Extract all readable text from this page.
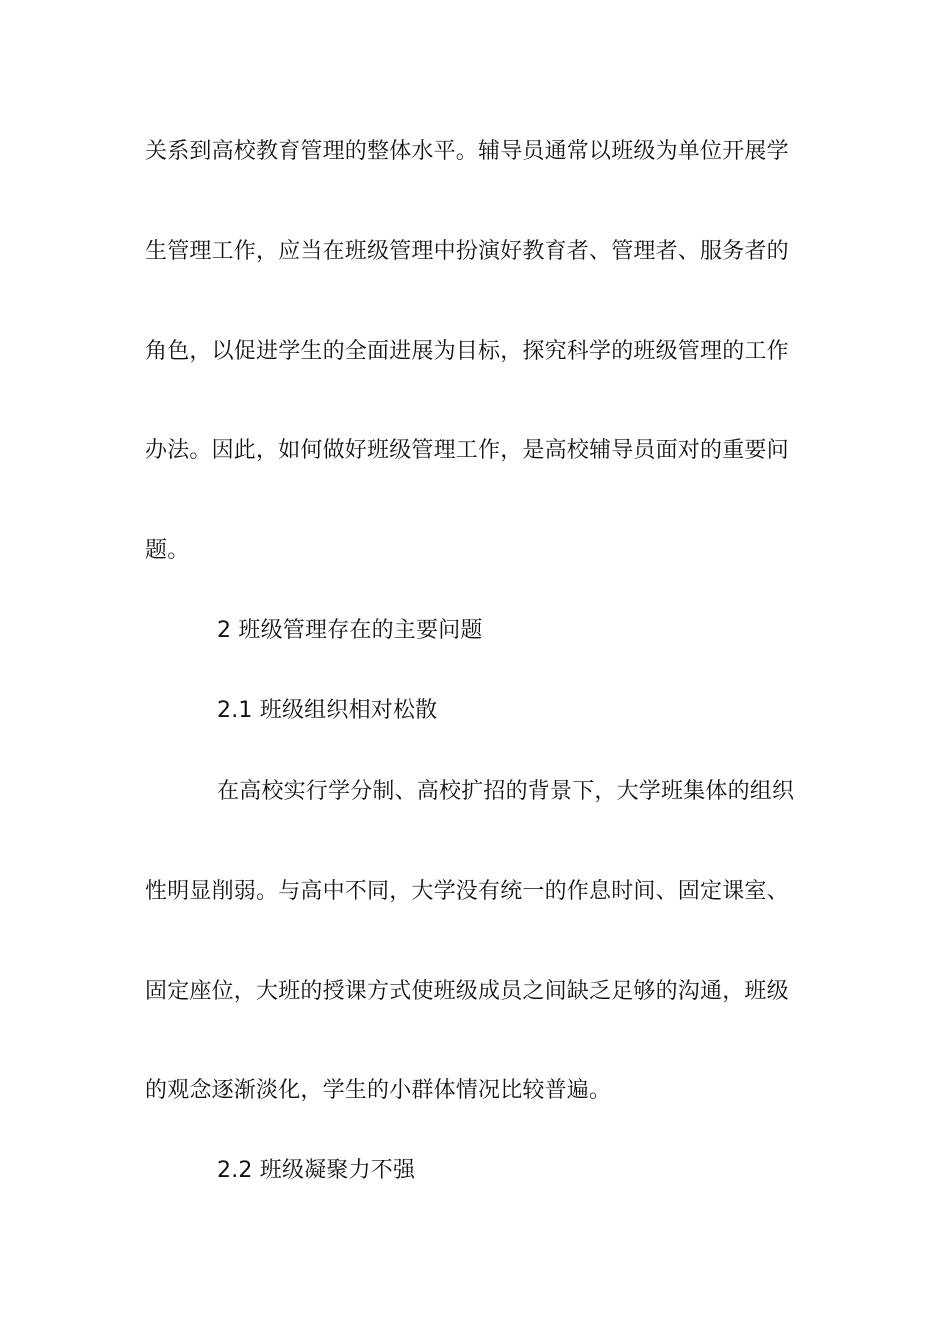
关系到高校教育管理的整体水平。辅导员通常以班级为单位开展学
生管理工作，应当在班级管理中扮演好教育者、管理者、服务者的
角色，以促进学生的全面进展为目标，探究科学的班级管理的工作
办法。因此，如何做好班级管理工作，是高校辅导员面对的重要问
题。
2 班级管理存在的主要问题
2.1 班级组织相对松散
在高校实行学分制、高校扩招的背景下，大学班集体的组织
性明显削弱。与高中不同，大学没有统一的作息时间、固定课室、
固定座位，大班的授课方式使班级成员之间缺乏足够的沟通，班级
的观念逐渐淡化，学生的小群体情况比较普遍。
2.2 班级凝聚力不强
